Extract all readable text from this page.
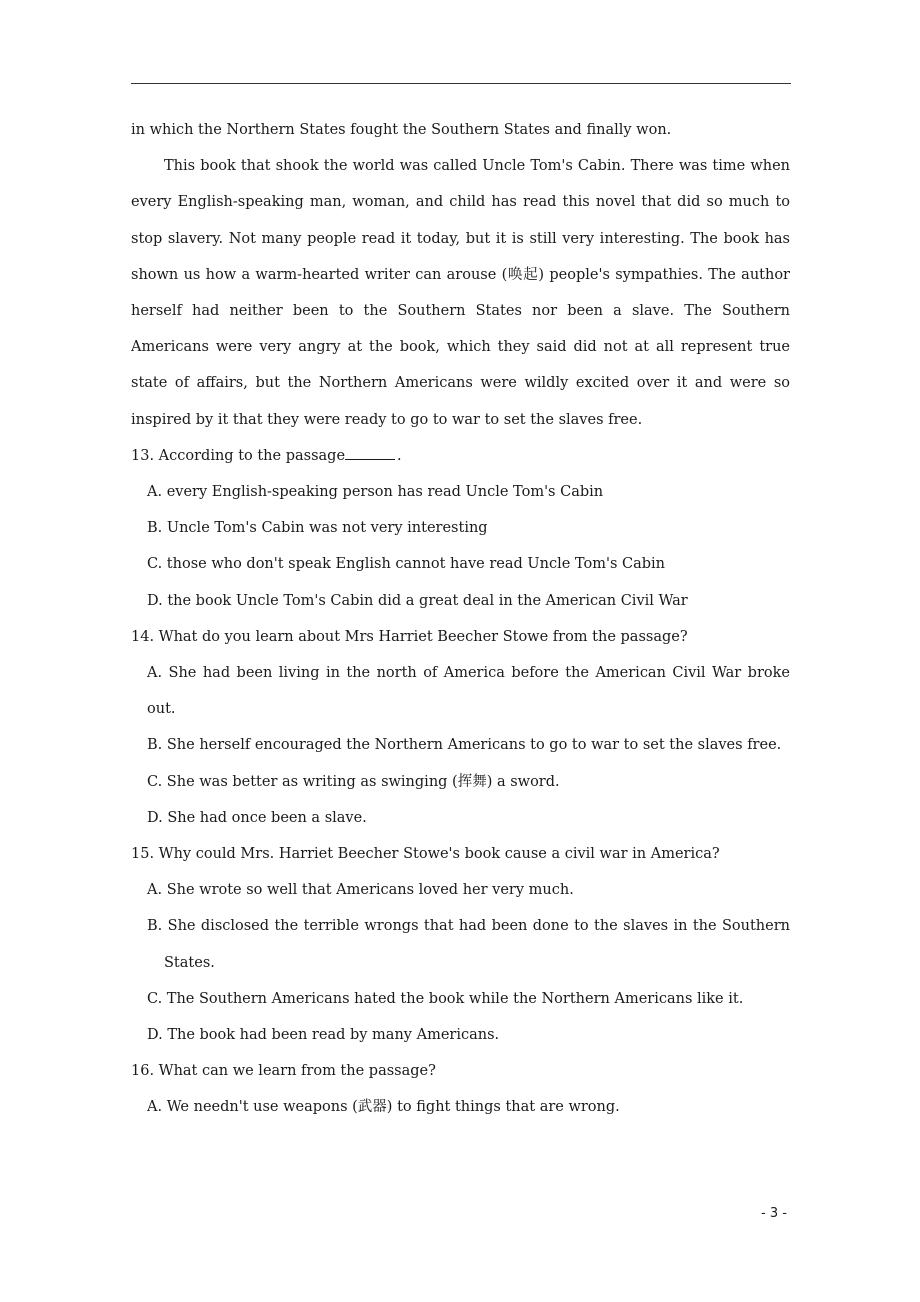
in which the Northern States fought the Southern States and finally won.

This book that shook the world was called Uncle Tom's Cabin. There was time when every English-speaking man, woman, and child has read this novel that did so much to stop slavery. Not many people read it today, but it is still very interesting. The book has shown us how a warm-hearted writer can arouse (唤起) people's sympathies. The author herself had neither been to the Southern States nor been a slave. The Southern Americans were very angry at the book, which they said did not at all represent true state of affairs, but the Northern Americans were wildly excited over it and were so inspired by it that they were ready to go to war to set the slaves free.

13. According to the passage	.

A. every English-speaking person has read Uncle Tom's Cabin

B. Uncle Tom's Cabin was not very interesting

C. those who don't speak English cannot have read Uncle Tom's Cabin

D. the book Uncle Tom's Cabin did a great deal in the American Civil War

14. What do you learn about Mrs Harriet Beecher Stowe from the passage?

A. She had been living in the north of America before the American Civil War broke out.

B. She herself encouraged the Northern Americans to go to war to set the slaves free.

C. She was better as writing as swinging (挥舞) a sword.

D. She had once been a slave.

15. Why could Mrs. Harriet Beecher Stowe's book cause a civil war in America?

A. She wrote so well that Americans loved her very much.

B. She disclosed the terrible wrongs that had been done to the slaves in the Southern States.

C. The Southern Americans hated the book while the Northern Americans like it.

D. The book had been read by many Americans.

16. What can we learn from the passage?

A. We needn't use weapons (武器) to fight things that are wrong.

- 3 -
